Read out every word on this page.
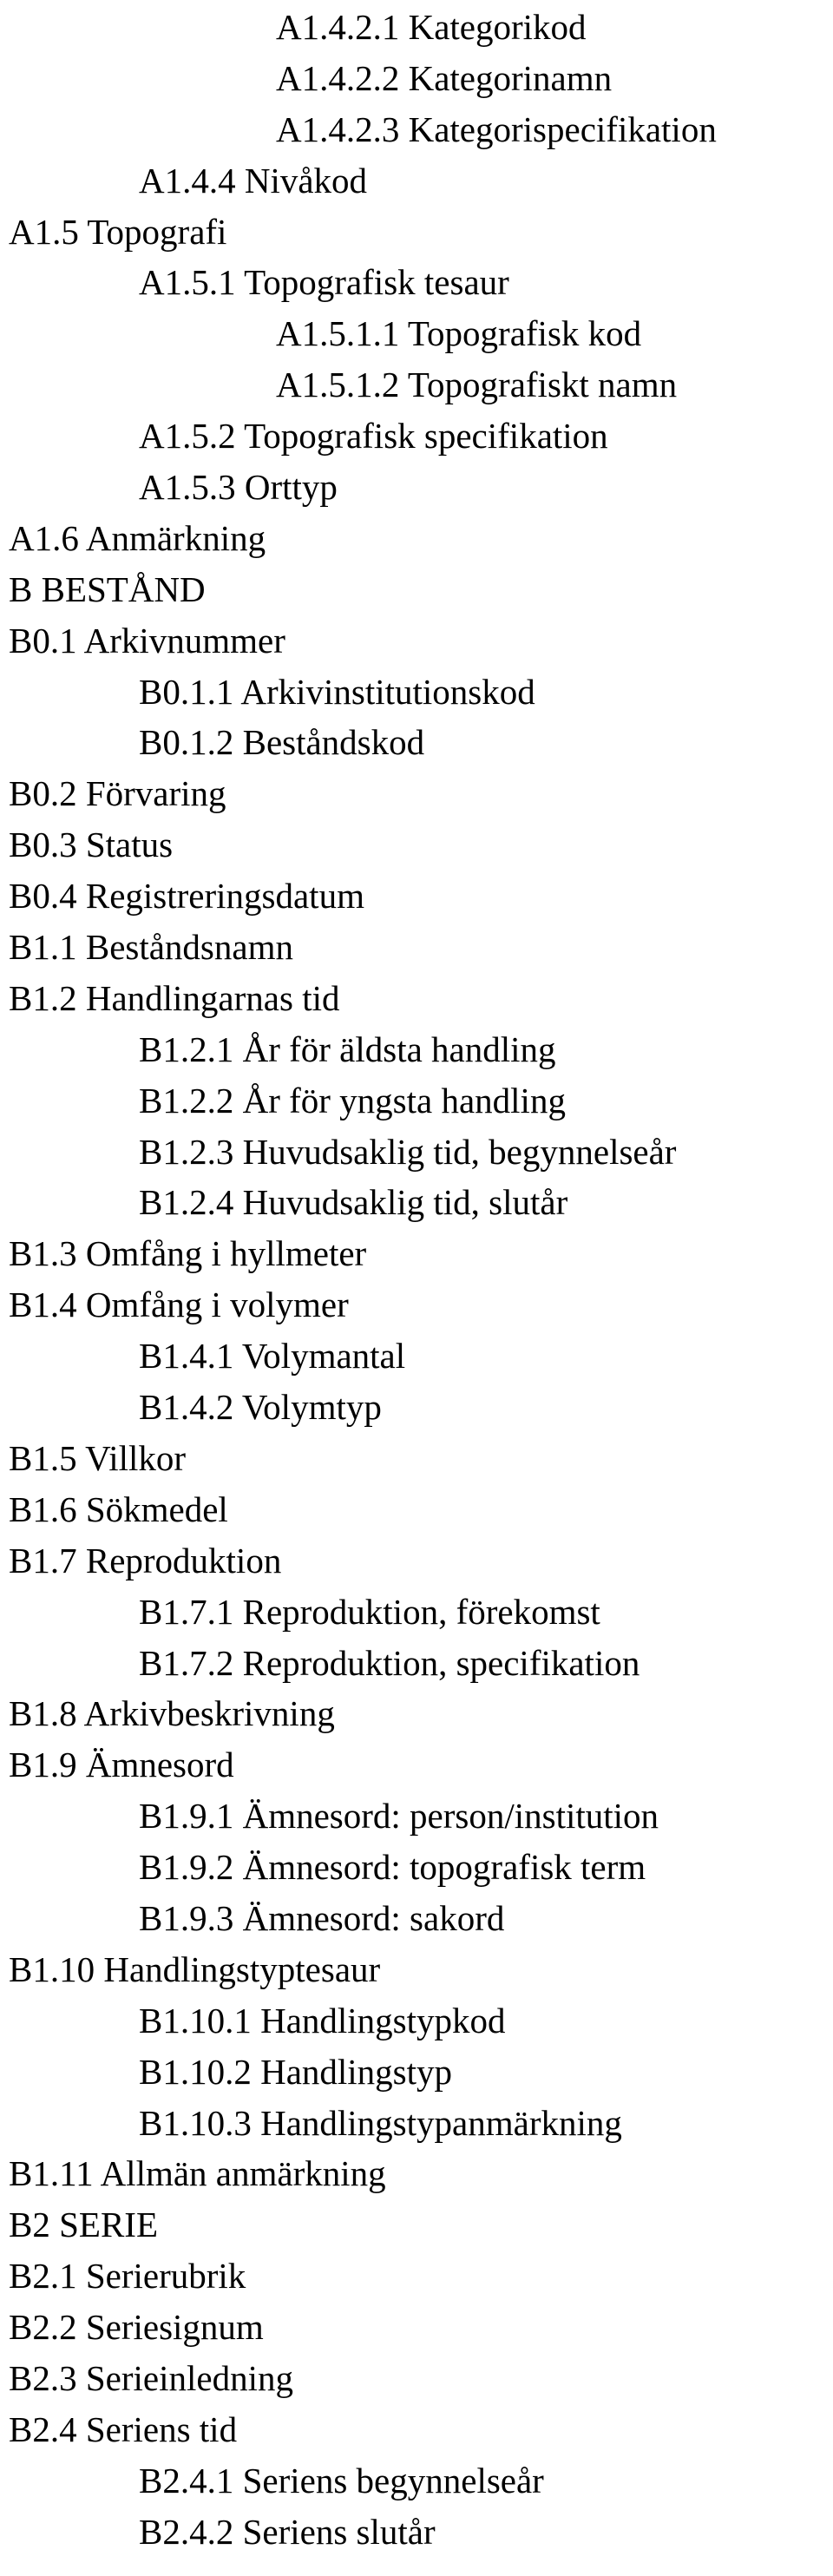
A1.4.2.1 Kategorikod
A1.4.2.2 Kategorinamn
A1.4.2.3 Kategorispecifikation
A1.4.4 Nivåkod
A1.5 Topografi
A1.5.1 Topografisk tesaur
A1.5.1.1 Topografisk kod
A1.5.1.2 Topografiskt namn
A1.5.2 Topografisk specifikation
A1.5.3 Orttyp
A1.6 Anmärkning
B BESTÅND
B0.1 Arkivnummer
B0.1.1 Arkivinstitutionskod
B0.1.2 Beståndskod
B0.2 Förvaring
B0.3 Status
B0.4 Registreringsdatum
B1.1 Beståndsnamn
B1.2 Handlingarnas tid
B1.2.1 År för äldsta handling
B1.2.2 År för yngsta handling
B1.2.3 Huvudsaklig tid, begynnelseår
B1.2.4 Huvudsaklig tid, slutår
B1.3 Omfång i hyllmeter
B1.4 Omfång i volymer
B1.4.1 Volymantal
B1.4.2 Volymtyp
B1.5 Villkor
B1.6 Sökmedel
B1.7 Reproduktion
B1.7.1 Reproduktion, förekomst
B1.7.2 Reproduktion, specifikation
B1.8 Arkivbeskrivning
B1.9 Ämnesord
B1.9.1 Ämnesord: person/institution
B1.9.2 Ämnesord: topografisk term
B1.9.3 Ämnesord: sakord
B1.10 Handlingstyptesaur
B1.10.1 Handlingstypkod
B1.10.2 Handlingstyp
B1.10.3 Handlingstypanmärkning
B1.11 Allmän anmärkning
B2 SERIE
B2.1 Serierubrik
B2.2 Seriesignum
B2.3 Serieinledning
B2.4 Seriens tid
B2.4.1 Seriens begynnelseår
B2.4.2 Seriens slutår
